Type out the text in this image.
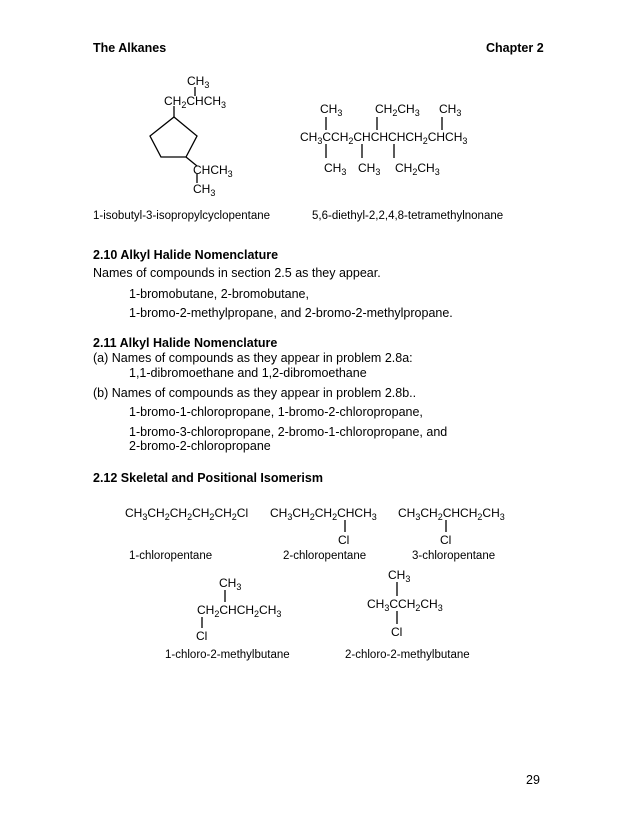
The Alkanes	Chapter 2
$CH_3$
$CH_2CHCH_3$
$CHCH_3$
$CH_3$
1-isobutyl-3-isopropylcyclopentane
$CH_3$	$CH_2CH_3$ $CH_3$
$CH_3CCH_2CHCHCHCH_2CHCH_3$
$CH_3$ $CH_3$ $CH_2CH_3$
5,6-diethyl-2,2,4,8-tetramethylnonane
2.10 Alkyl Halide Nomenclature
Names of compounds in section 2.5 as they appear.
1-bromobutane, 2-bromobutane,
1-bromo-2-methylpropane, and 2-bromo-2-methylpropane.
2.11 Alkyl Halide Nomenclature
(a) Names of compounds as they appear in problem 2.8a:
1,1-dibromoethane and 1,2-dibromoethane
(b) Names of compounds as they appear in problem 2.8b..
1-bromo-1-chloropropane, 1-bromo-2-chloropropane,
1-bromo-3-chloropropane, 2-bromo-1-chloropropane, and
2-bromo-2-chloropropane
2.12 Skeletal and Positional Isomerism
$CH_3CH_2CH_2CH_2CH_2Cl$ $CH_3CH_2CH_2CHCH_3$
Cl
$CH_3CH_2CHCH_2CH_3$
Cl
1-chloropentane	2-chloropentane	3-chloropentane
$CH_3$
$CH_2CHCH_2CH_3$
Cl
1-chloro-2-methylbutane
$CH_3$
$CH_3CCH_2CH_3$
Cl
2-chloro-2-methylbutane
29
